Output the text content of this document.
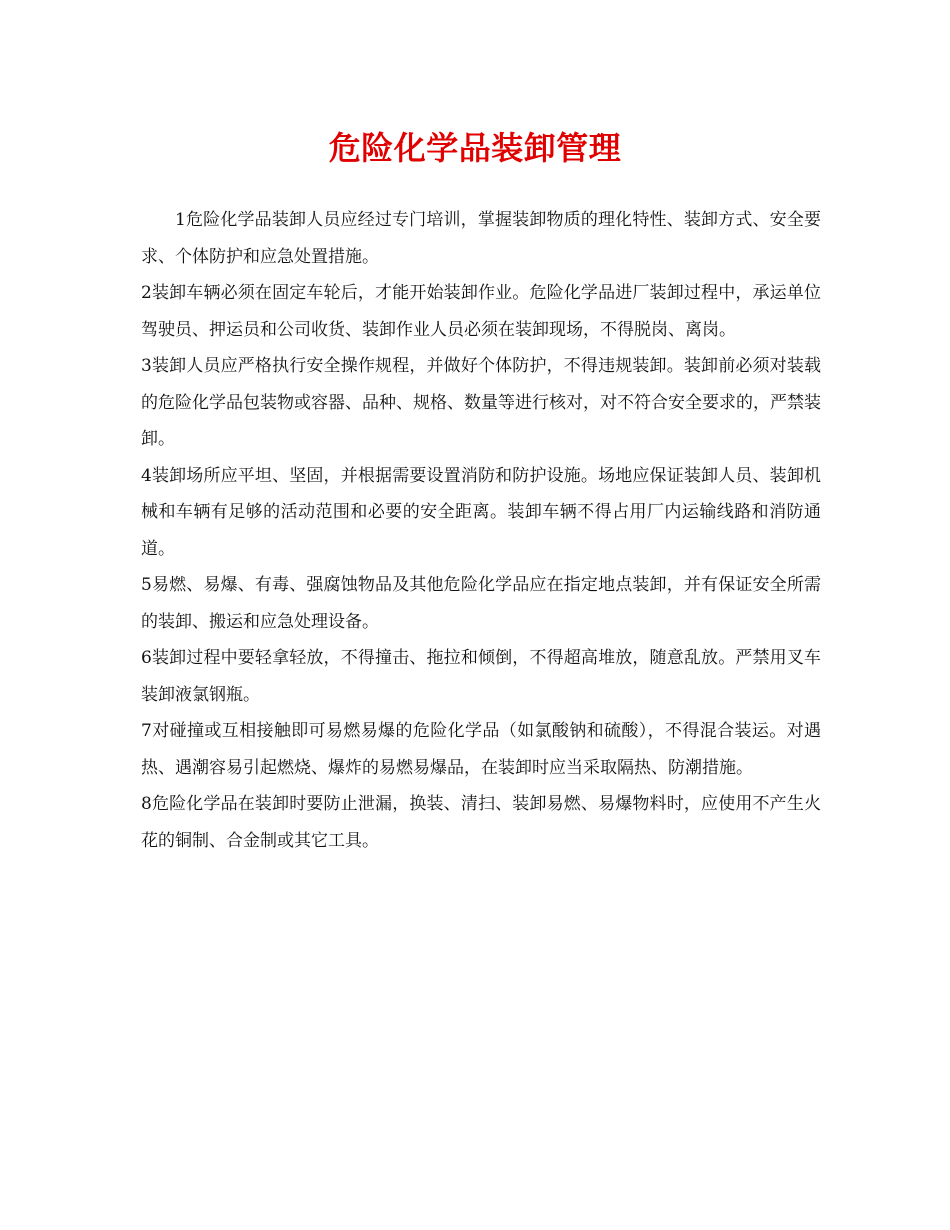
危险化学品装卸管理

1危险化学品装卸人员应经过专门培训，掌握装卸物质的理化特性、装卸方式、安全要求、个体防护和应急处置措施。

2装卸车辆必须在固定车轮后，才能开始装卸作业。危险化学品进厂装卸过程中，承运单位驾驶员、押运员和公司收货、装卸作业人员必须在装卸现场，不得脱岗、离岗。

3装卸人员应严格执行安全操作规程，并做好个体防护，不得违规装卸。装卸前必须对装载的危险化学品包装物或容器、品种、规格、数量等进行核对，对不符合安全要求的，严禁装卸。

4装卸场所应平坦、坚固，并根据需要设置消防和防护设施。场地应保证装卸人员、装卸机械和车辆有足够的活动范围和必要的安全距离。装卸车辆不得占用厂内运输线路和消防通道。

5易燃、易爆、有毒、强腐蚀物品及其他危险化学品应在指定地点装卸，并有保证安全所需的装卸、搬运和应急处理设备。

6装卸过程中要轻拿轻放，不得撞击、拖拉和倾倒，不得超高堆放，随意乱放。严禁用叉车装卸液氯钢瓶。

7对碰撞或互相接触即可易燃易爆的危险化学品（如氯酸钠和硫酸），不得混合装运。对遇热、遇潮容易引起燃烧、爆炸的易燃易爆品，在装卸时应当采取隔热、防潮措施。

8危险化学品在装卸时要防止泄漏，换装、清扫、装卸易燃、易爆物料时，应使用不产生火花的铜制、合金制或其它工具。
